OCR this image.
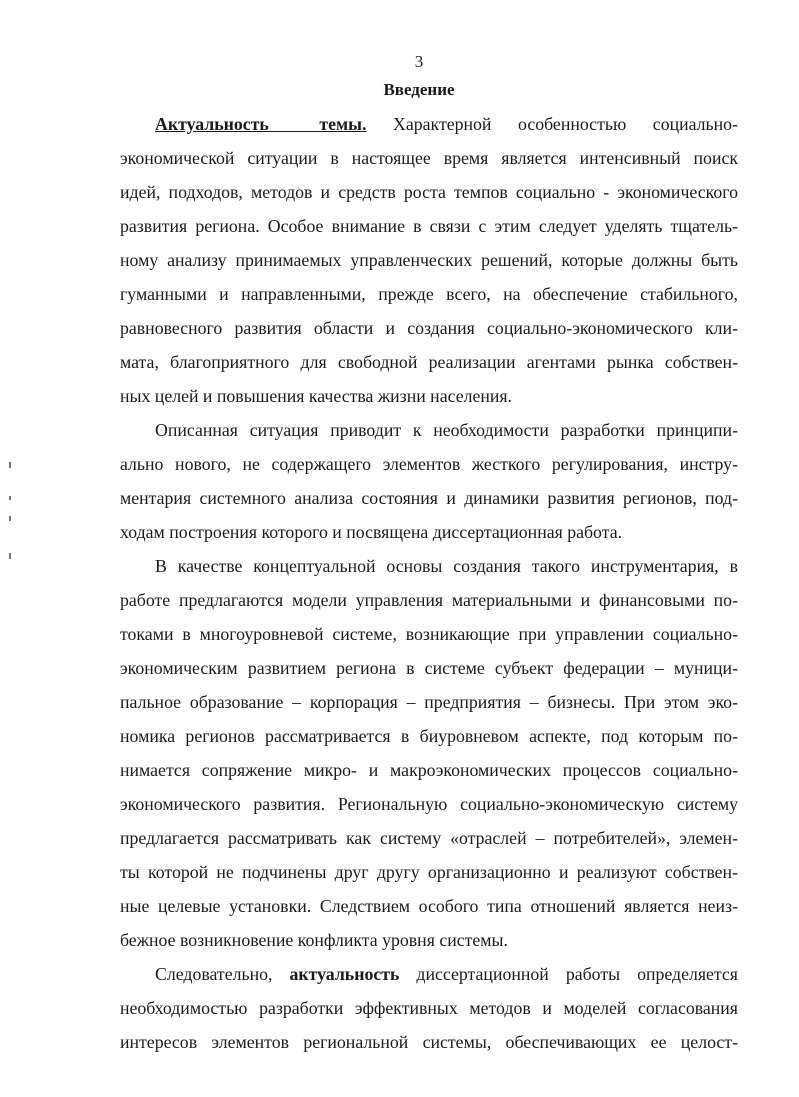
3
Введение
Актуальность темы. Характерной особенностью социально-
экономической ситуации в настоящее время является интенсивный поиск
идей, подходов, методов и средств роста темпов социально - экономического
развития региона. Особое внимание в связи с этим следует уделять тщатель-
ному анализу принимаемых управленческих решений, которые должны быть
гуманными и направленными, прежде всего, на обеспечение стабильного,
равновесного развития области и создания социально-экономического кли-
мата, благоприятного для свободной реализации агентами рынка собствен-
ных целей и повышения качества жизни населения.
Описанная ситуация приводит к необходимости разработки принципи-
ально нового, не содержащего элементов жесткого регулирования, инстру-
ментария системного анализа состояния и динамики развития регионов, под-
ходам построения которого и посвящена диссертационная работа.
В качестве концептуальной основы создания такого инструментария, в
работе предлагаются модели управления материальными и финансовыми по-
токами в многоуровневой системе, возникающие при управлении социально-
экономическим развитием региона в системе субъект федерации – муници-
пальное образование – корпорация – предприятия – бизнесы. При этом эко-
номика регионов рассматривается в биуровневом аспекте, под которым по-
нимается сопряжение микро- и макроэкономических процессов социально-
экономического развития. Региональную социально-экономическую систему
предлагается рассматривать как систему «отраслей – потребителей», элемен-
ты которой не подчинены друг другу организационно и реализуют собствен-
ные целевые установки. Следствием особого типа отношений является неиз-
бежное возникновение конфликта уровня системы.
Следовательно, актуальность диссертационной работы определяется
необходимостью разработки эффективных методов и моделей согласования
интересов элементов региональной системы, обеспечивающих ее целост-
